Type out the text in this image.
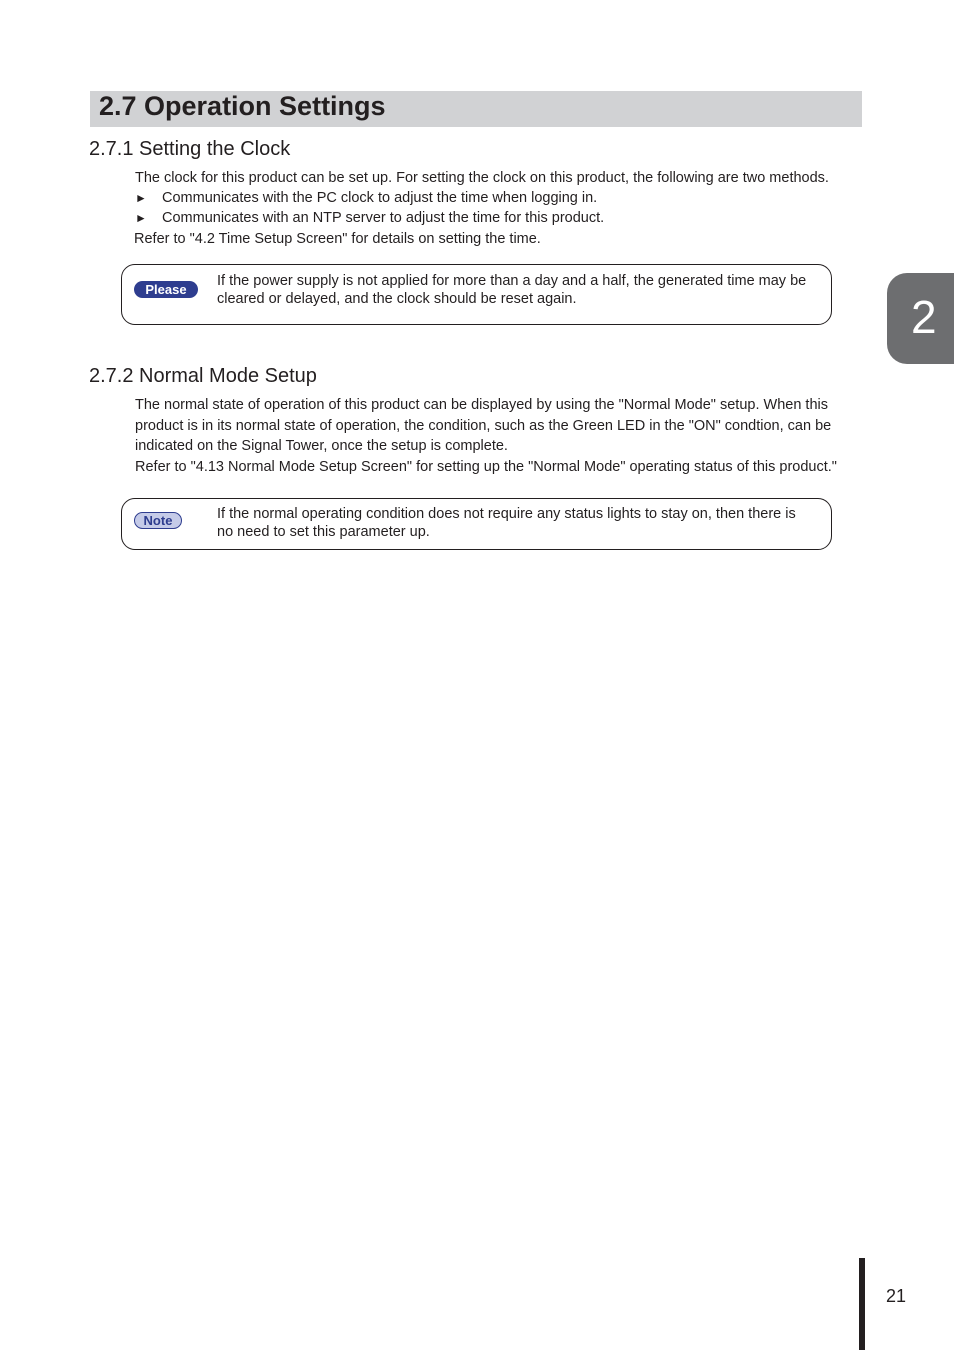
2.7 Operation Settings
2.7.1 Setting the Clock

The clock for this product can be set up. For setting the clock on this product, the following are two methods.

► Communicates with the PC clock to adjust the time when logging in.
► Communicates with an NTP server to adjust the time for this product.

Refer to "4.2 Time Setup Screen" for details on setting the time.

Please

If the power supply is not applied for more than a day and a half, the generated time may be
cleared or delayed, and the clock should be reset again.

2.7.2 Normal Mode Setup
The normal state of operation of this product can be displayed by using the "Normal Mode" setup. When this
product is in its normal state of operation, the condition, such as the Green LED in the "ON" condtion, can be
indicated on the Signal Tower, once the setup is complete.
Refer to "4.13 Normal Mode Setup Screen" for setting up the "Normal Mode" operating status of this product."
Note	If the normal operating condition does not require any status lights to stay on, then there is
no need to set this parameter up.

2
21
